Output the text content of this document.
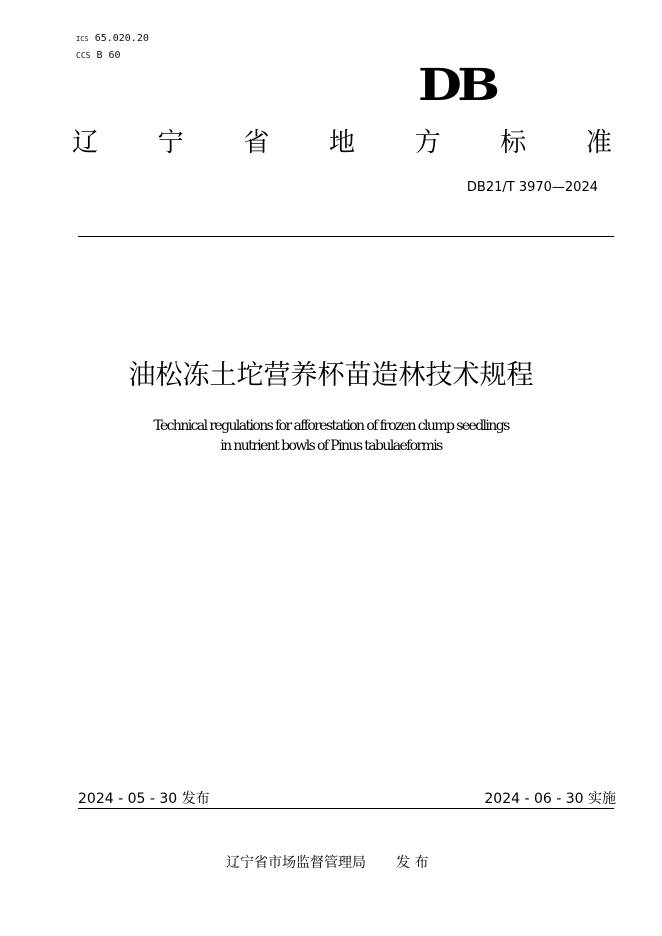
ICS 65.020.20
CCS B 60
DB
辽 宁 省 地 方 标 准
DB21/T 3970—2024
油松冻土坨营养杯苗造林技术规程
Technical regulations for afforestation of frozen clump seedlings
in nutrient bowls of Pinus tabulaeformis
2024 - 05 - 30 发布	2024 - 06 - 30 实施
辽宁省市场监督管理局 发 布
